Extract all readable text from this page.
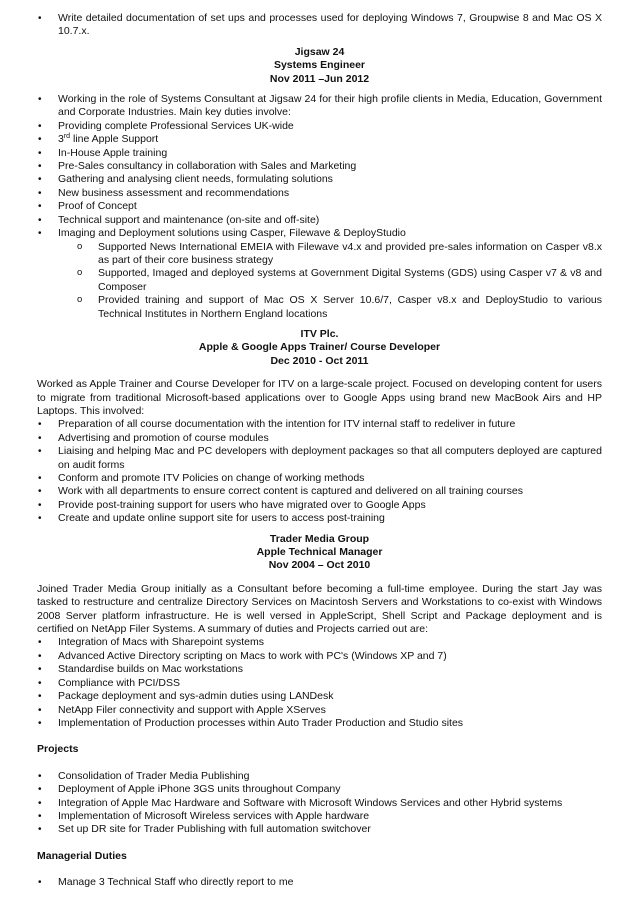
• Write detailed documentation of set ups and processes used for deploying Windows 7, Groupwise 8 and Mac OS X 10.7.x.
Jigsaw 24
Systems Engineer
Nov 2011 –Jun 2012
• Working in the role of Systems Consultant at Jigsaw 24 for their high profile clients in Media, Education, Government and Corporate Industries. Main key duties involve:
• Providing complete Professional Services UK-wide
• 3rd line Apple Support
• In-House Apple training
• Pre-Sales consultancy in collaboration with Sales and Marketing
• Gathering and analysing client needs, formulating solutions
• New business assessment and recommendations
• Proof of Concept
• Technical support and maintenance (on-site and off-site)
• Imaging and Deployment solutions using Casper, Filewave & DeployStudio
o Supported News International EMEIA with Filewave v4.x and provided pre-sales information on Casper v8.x as part of their core business strategy
o Supported, Imaged and deployed systems at Government Digital Systems (GDS) using Casper v7 & v8 and Composer
o Provided training and support of Mac OS X Server 10.6/7, Casper v8.x and DeployStudio to various Technical Institutes in Northern England locations
ITV Plc.
Apple & Google Apps Trainer/ Course Developer
Dec 2010 - Oct 2011

Worked as Apple Trainer and Course Developer for ITV on a large-scale project. Focused on developing content for users to migrate from traditional Microsoft-based applications over to Google Apps using brand new MacBook Airs and HP Laptops. This involved:

• Preparation of all course documentation with the intention for ITV internal staff to redeliver in future
• Advertising and promotion of course modules
• Liaising and helping Mac and PC developers with deployment packages so that all computers deployed are captured on audit forms
• Conform and promote ITV Policies on change of working methods
• Work with all departments to ensure correct content is captured and delivered on all training courses
• Provide post-training support for users who have migrated over to Google Apps
• Create and update online support site for users to access post-training
Trader Media Group
Apple Technical Manager
Nov 2004 – Oct 2010

Joined Trader Media Group initially as a Consultant before becoming a full-time employee. During the start Jay was tasked to restructure and centralize Directory Services on Macintosh Servers and Workstations to co-exist with Windows 2008 Server platform infrastructure. He is well versed in AppleScript, Shell Script and Package deployment and is certified on NetApp Filer Systems. A summary of duties and Projects carried out are:

• Integration of Macs with Sharepoint systems
• Advanced Active Directory scripting on Macs to work with PC's (Windows XP and 7)
• Standardise builds on Mac workstations
• Compliance with PCI/DSS
• Package deployment and sys-admin duties using LANDesk
• NetApp Filer connectivity and support with Apple XServes
• Implementation of Production processes within Auto Trader Production and Studio sites
Projects
• Consolidation of Trader Media Publishing
• Deployment of Apple iPhone 3GS units throughout Company
• Integration of Apple Mac Hardware and Software with Microsoft Windows Services and other Hybrid systems
• Implementation of Microsoft Wireless services with Apple hardware
• Set up DR site for Trader Publishing with full automation switchover
Managerial Duties
• Manage 3 Technical Staff who directly report to me
